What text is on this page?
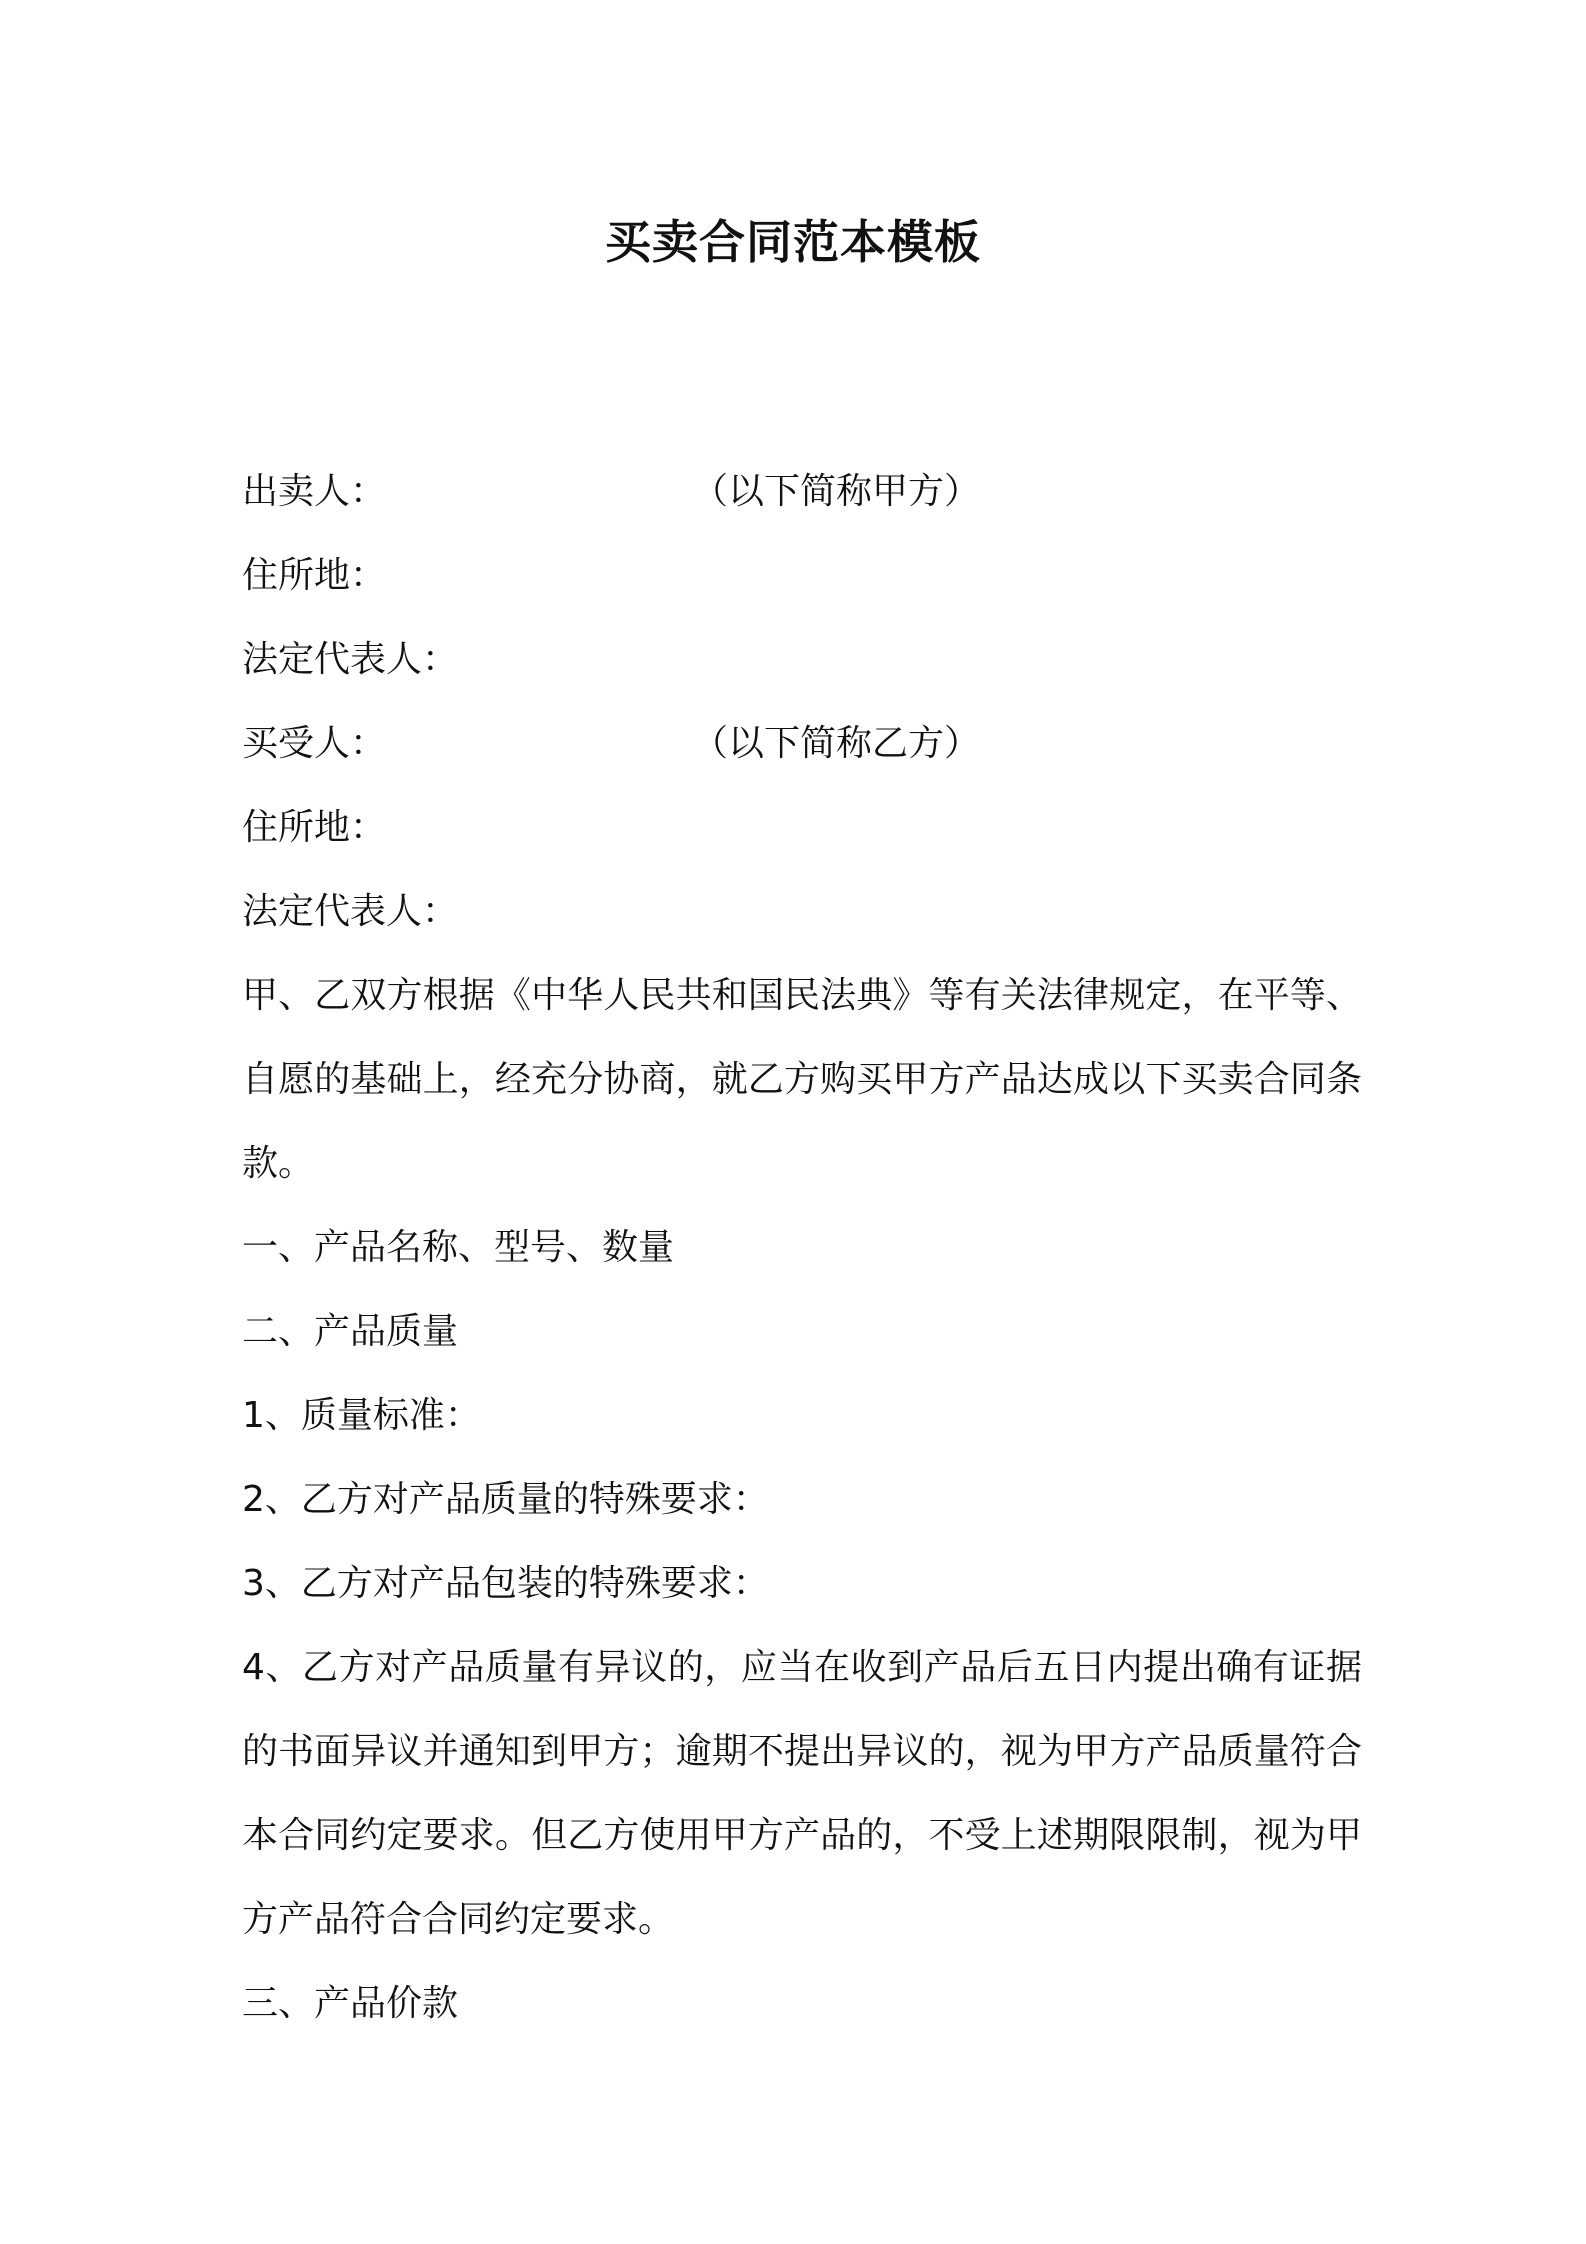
买卖合同范本模板
出卖人：	（以下简称甲方）
住所地：
法定代表人：
买受人：	（以下简称乙方）
住所地：
法定代表人：
甲、乙双方根据《中华人民共和国民法典》等有关法律规定，在平等、自愿的基础上，经充分协商，就乙方购买甲方产品达成以下买卖合同条款。
一、产品名称、型号、数量
二、产品质量
1、质量标准：
2、乙方对产品质量的特殊要求：
3、乙方对产品包装的特殊要求：
4、乙方对产品质量有异议的，应当在收到产品后五日内提出确有证据的书面异议并通知到甲方；逾期不提出异议的，视为甲方产品质量符合本合同约定要求。但乙方使用甲方产品的，不受上述期限限制，视为甲方产品符合合同约定要求。
三、产品价款
